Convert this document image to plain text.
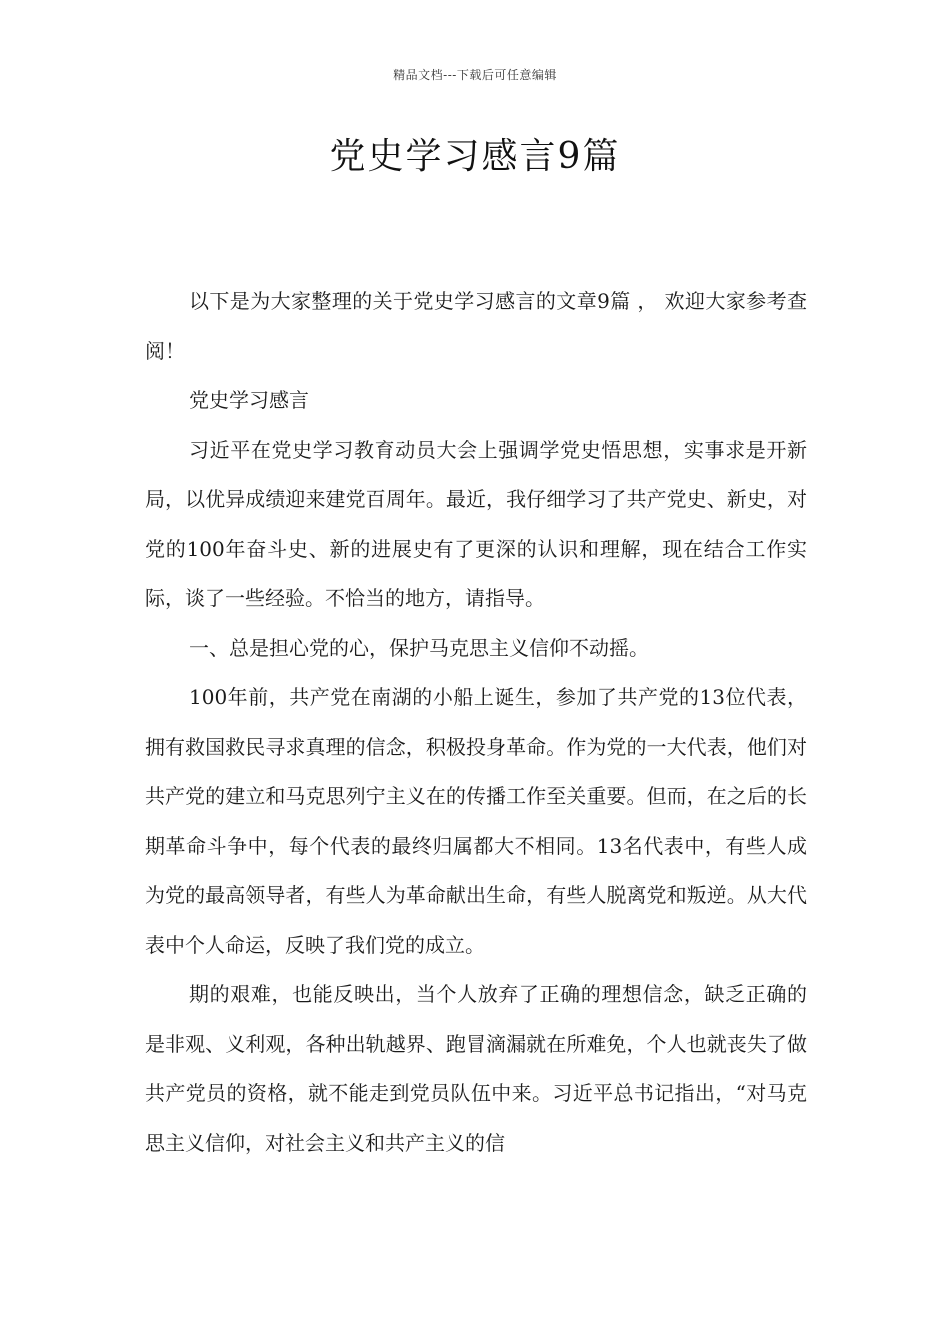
精品文档---下载后可任意编辑
党史学习感言9篇

以下是为大家整理的关于党史学习感言的文章9篇 ， 欢迎大家参考查阅！

党史学习感言

习近平在党史学习教育动员大会上强调学党史悟思想，实事求是开新局，以优异成绩迎来建党百周年。最近，我仔细学习了共产党史、新史，对党的100年奋斗史、新的进展史有了更深的认识和理解，现在结合工作实际，谈了一些经验。不恰当的地方，请指导。

一、总是担心党的心，保护马克思主义信仰不动摇。

100年前，共产党在南湖的小船上诞生，参加了共产党的13位代表，拥有救国救民寻求真理的信念，积极投身革命。作为党的一大代表，他们对共产党的建立和马克思列宁主义在的传播工作至关重要。但而，在之后的长期革命斗争中，每个代表的最终归属都大不相同。13名代表中，有些人成为党的最高领导者，有些人为革命献出生命，有些人脱离党和叛逆。从大代表中个人命运，反映了我们党的成立。

期的艰难，也能反映出，当个人放弃了正确的理想信念，缺乏正确的是非观、义利观，各种出轨越界、跑冒滴漏就在所难免，个人也就丧失了做共产党员的资格，就不能走到党员队伍中来。习近平总书记指出，“对马克思主义信仰，对社会主义和共产主义的信
